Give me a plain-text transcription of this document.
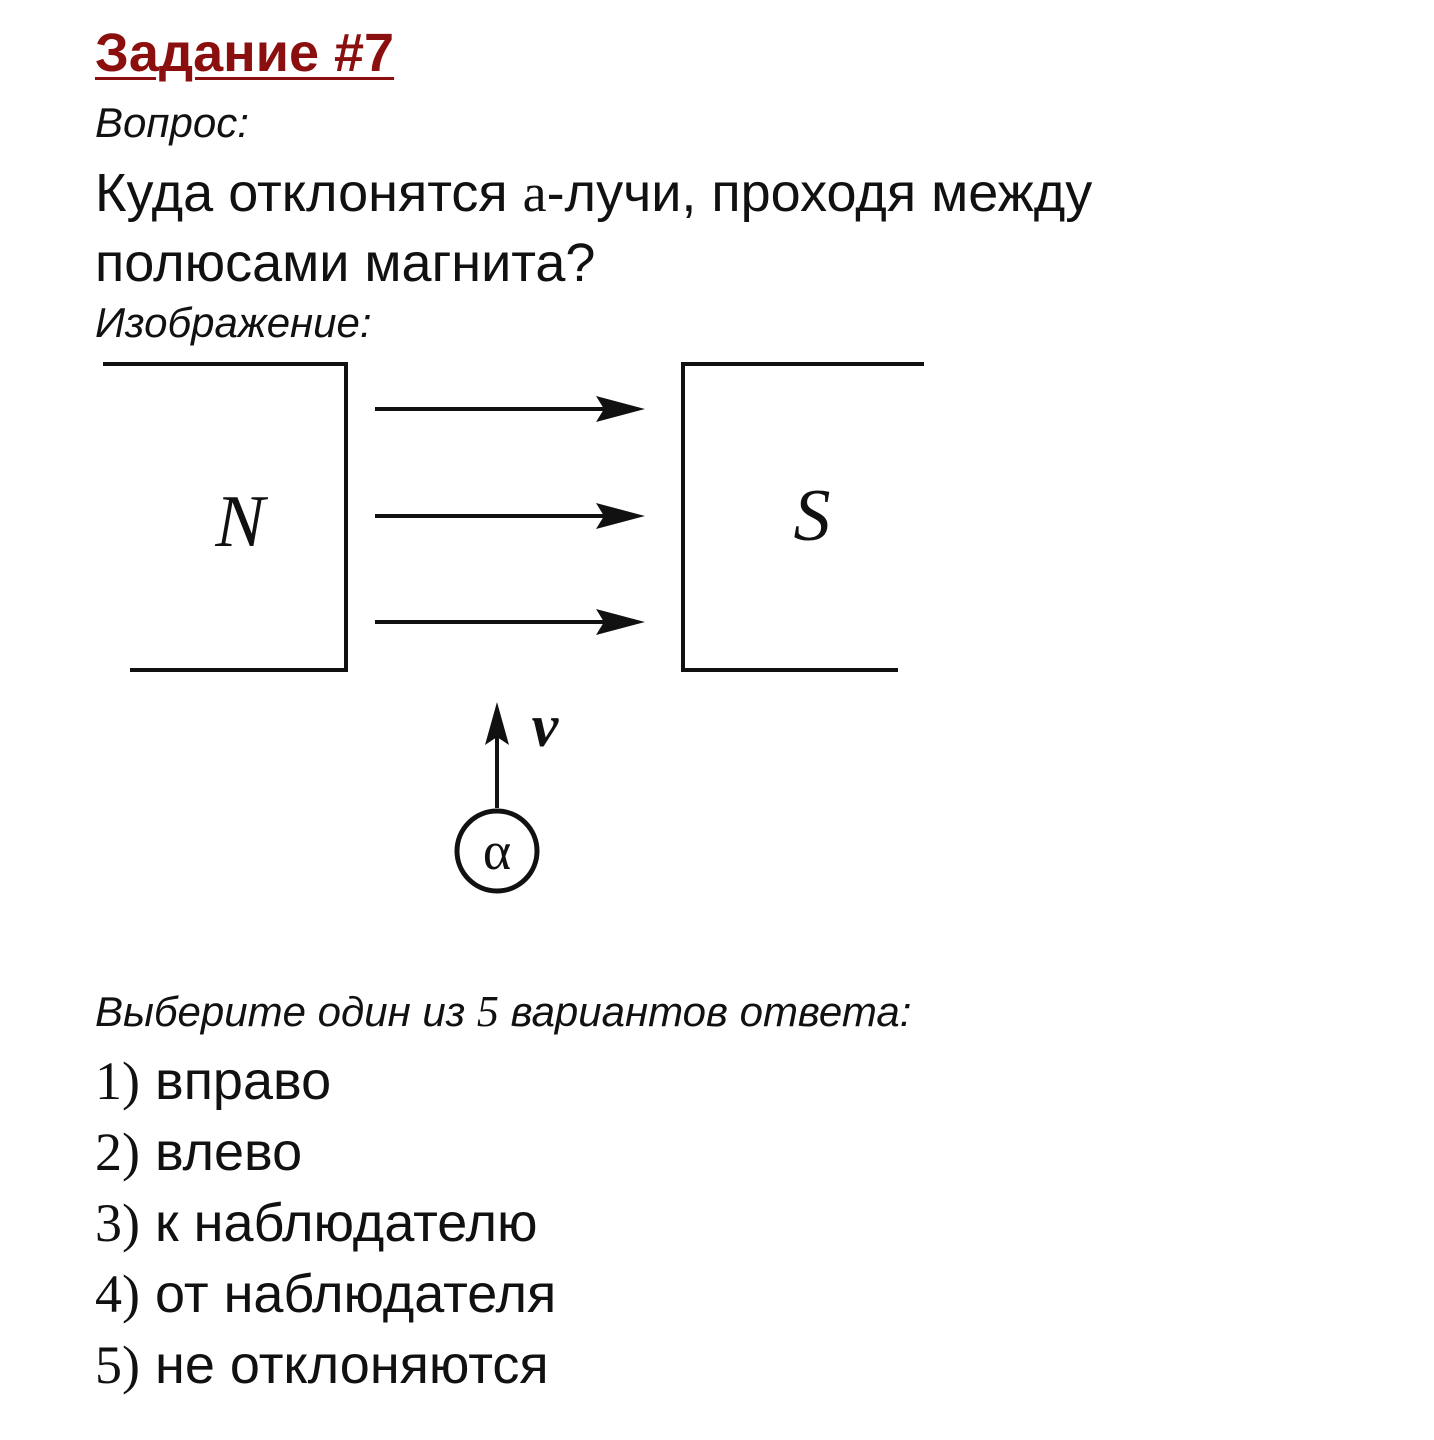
Задание #7

Вопрос:

Куда отклонятся a-лучи, проходя между полюсами магнита?

Изображение:

N	S
v
α

Выберите один из 5 вариантов ответа:

1) вправо
2) влево
3) к наблюдателю
4) от наблюдателя
5) не отклоняются
